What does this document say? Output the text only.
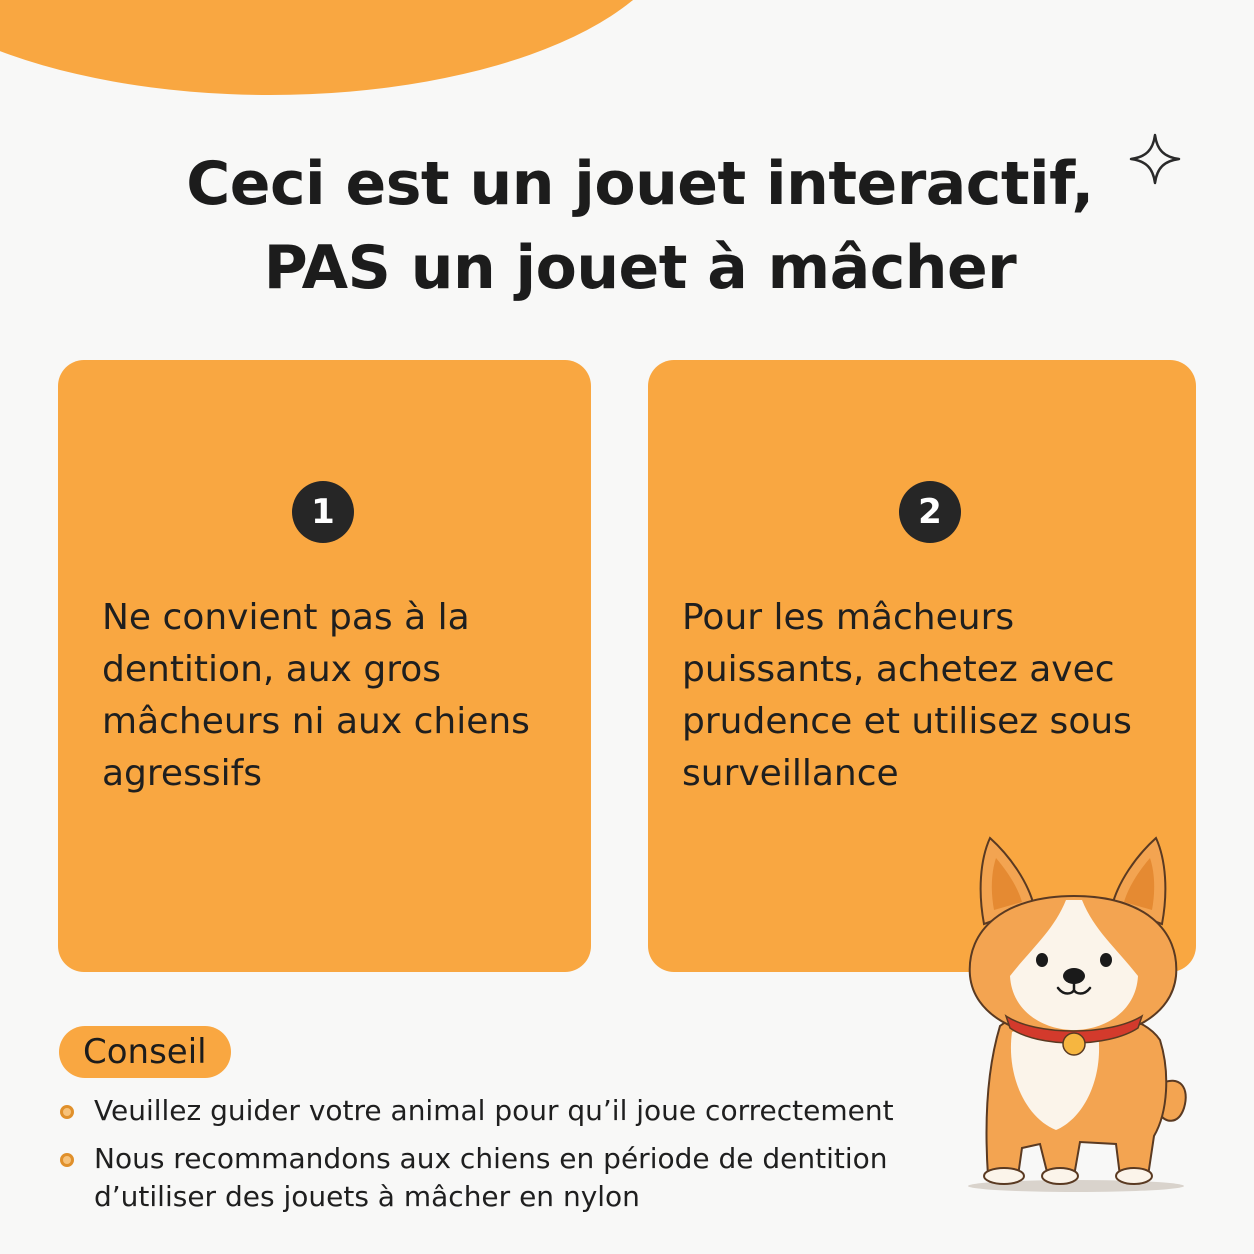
Ceci est un jouet interactif,
PAS un jouet à mâcher
1

Ne convient pas à la dentition, aux gros mâcheurs ni aux chiens agressifs

2

Pour les mâcheurs puissants, achetez avec prudence et utilisez sous surveillance

Conseil
Veuillez guider votre animal pour qu’il joue correctement
Nous recommandons aux chiens en période de dentition d’utiliser des jouets à mâcher en nylon
